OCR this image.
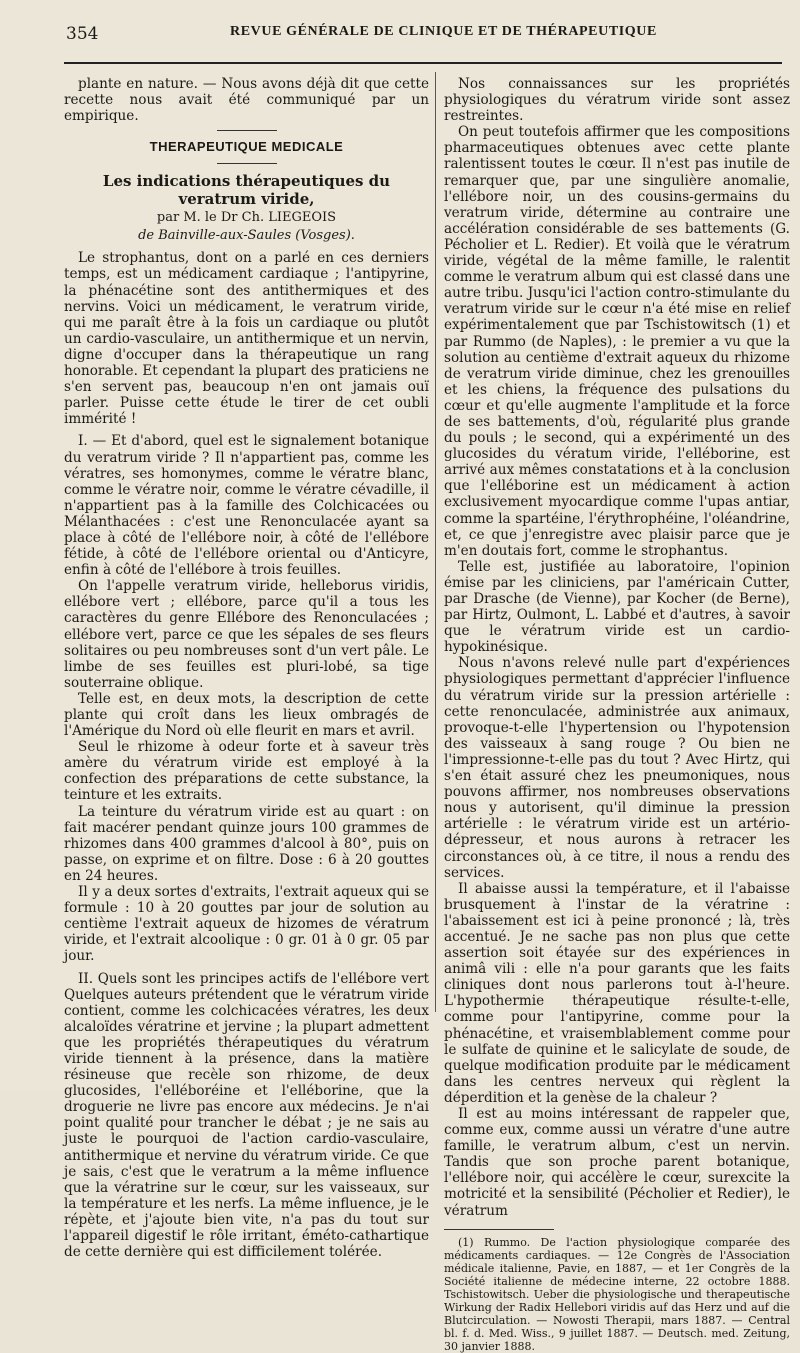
354	REVUE GÉNÉRALE DE CLINIQUE ET DE THÉRAPEUTIQUE

plante en nature. — Nous avons déjà dit que cette recette nous avait été communiqué par un empirique.

THERAPEUTIQUE MEDICALE
Les indications thérapeutiques du veratrum viride,
par M. le Dr Ch. LIEGEOIS
de Bainville-aux-Saules (Vosges).

Le strophantus, dont on a parlé en ces derniers temps, est un médicament cardiaque ; l'antipyrine, la phénacétine sont des antithermiques et des nervins. Voici un médicament, le veratrum viride, qui me paraît être à la fois un cardiaque ou plutôt un cardio-vasculaire, un antithermique et un nervin, digne d'occuper dans la thérapeutique un rang honorable. Et cependant la plupart des praticiens ne s'en servent pas, beaucoup n'en ont jamais ouï parler. Puisse cette étude le tirer de cet oubli immérité !

I. — Et d'abord, quel est le signalement botanique du veratrum viride ? Il n'appartient pas, comme les vératres, ses homonymes, comme le vératre blanc, comme le vératre noir, comme le vératre cévadille, il n'appartient pas à la famille des Colchicacées ou Mélanthacées : c'est une Renonculacée ayant sa place à côté de l'ellébore noir, à côté de l'ellébore fétide, à côté de l'ellébore oriental ou d'Anticyre, enfin à côté de l'ellébore à trois feuilles.

On l'appelle veratrum viride, helleborus viridis, ellébore vert ; ellébore, parce qu'il a tous les caractères du genre Ellébore des Renonculacées ; ellébore vert, parce ce que les sépales de ses fleurs solitaires ou peu nombreuses sont d'un vert pâle. Le limbe de ses feuilles est pluri-lobé, sa tige souterraine oblique.

Telle est, en deux mots, la description de cette plante qui croît dans les lieux ombragés de l'Amérique du Nord où elle fleurit en mars et avril.

Seul le rhizome à odeur forte et à saveur très amère du vératrum viride est employé à la confection des préparations de cette substance, la teinture et les extraits.

La teinture du vératrum viride est au quart : on fait macérer pendant quinze jours 100 grammes de rhizomes dans 400 grammes d'alcool à 80°, puis on passe, on exprime et on filtre. Dose : 6 à 20 gouttes en 24 heures.

Il y a deux sortes d'extraits, l'extrait aqueux qui se formule : 10 à 20 gouttes par jour de solution au centième l'extrait aqueux de hizomes de vératrum viride, et l'extrait alcoolique : 0 gr. 01 à 0 gr. 05 par jour.

II. Quels sont les principes actifs de l'ellébore vert Quelques auteurs prétendent que le vératrum viride contient, comme les colchicacées vératres, les deux alcaloïdes vératrine et jervine ; la plupart admettent que les propriétés thérapeutiques du vératrum viride tiennent à la présence, dans la matière résineuse que recèle son rhizome, de deux glucosides, l'elléboréine et l'elléborine, que la droguerie ne livre pas encore aux médecins. Je n'ai point qualité pour trancher le débat ; je ne sais au juste le pourquoi de l'action cardio-vasculaire, antithermique et nervine du vératrum viride. Ce que je sais, c'est que le veratrum a la même influence que la vératrine sur le cœur, sur les vaisseaux, sur la température et les nerfs. La même influence, je le répète, et j'ajoute bien vite, n'a pas du tout sur l'appareil digestif le rôle irritant, éméto-cathartique de cette dernière qui est difficilement tolérée.

Nos connaissances sur les propriétés physiologiques du vératrum viride sont assez restreintes.

On peut toutefois affirmer que les compositions pharmaceutiques obtenues avec cette plante ralentissent toutes le cœur. Il n'est pas inutile de remarquer que, par une singulière anomalie, l'ellébore noir, un des cousins-germains du veratrum viride, détermine au contraire une accélération considérable de ses battements (G. Pécholier et L. Redier). Et voilà que le vératrum viride, végétal de la même famille, le ralentit comme le veratrum album qui est classé dans une autre tribu. Jusqu'ici l'action contro-stimulante du veratrum viride sur le cœur n'a été mise en relief expérimentalement que par Tschistowitsch (1) et par Rummo (de Naples), : le premier a vu que la solution au centième d'extrait aqueux du rhizome de veratrum viride diminue, chez les grenouilles et les chiens, la fréquence des pulsations du cœur et qu'elle augmente l'amplitude et la force de ses battements, d'où, régularité plus grande du pouls ; le second, qui a expérimenté un des glucosides du vératum viride, l'elléborine, est arrivé aux mêmes constatations et à la conclusion que l'elléborine est un médicament à action exclusivement myocardique comme l'upas antiar, comme la spartéine, l'érythrophéine, l'oléandrine, et, ce que j'enregistre avec plaisir parce que je m'en doutais fort, comme le strophantus.

Telle est, justifiée au laboratoire, l'opinion émise par les cliniciens, par l'américain Cutter, par Drasche (de Vienne), par Kocher (de Berne), par Hirtz, Oulmont, L. Labbé et d'autres, à savoir que le vératrum viride est un cardio-hypokinésique.

Nous n'avons relevé nulle part d'expériences physiologiques permettant d'apprécier l'influence du vératrum viride sur la pression artérielle : cette renonculacée, administrée aux animaux, provoque-t-elle l'hypertension ou l'hypotension des vaisseaux à sang rouge ? Ou bien ne l'impressionne-t-elle pas du tout ? Avec Hirtz, qui s'en était assuré chez les pneumoniques, nous pouvons affirmer, nos nombreuses observations nous y autorisent, qu'il diminue la pression artérielle : le vératrum viride est un artério-dépresseur, et nous aurons à retracer les circonstances où, à ce titre, il nous a rendu des services.

Il abaisse aussi la température, et il l'abaisse brusquement à l'instar de la vératrine : l'abaissement est ici à peine prononcé ; là, très accentué. Je ne sache pas non plus que cette assertion soit étayée sur des expériences in animâ vili : elle n'a pour garants que les faits cliniques dont nous parlerons tout à-l'heure. L'hypothermie thérapeutique résulte-t-elle, comme pour l'antipyrine, comme pour la phénacétine, et vraisemblablement comme pour le sulfate de quinine et le salicylate de soude, de quelque modification produite par le médicament dans les centres nerveux qui règlent la déperdition et la genèse de la chaleur ?

Il est au moins intéressant de rappeler que, comme eux, comme aussi un vératre d'une autre famille, le veratrum album, c'est un nervin. Tandis que son proche parent botanique, l'ellébore noir, qui accélère le cœur, surexcite la motricité et la sensibilité (Pécholier et Redier), le vératrum

(1) Rummo. De l'action physiologique comparée des médicaments cardiaques. — 12e Congrès de l'Association médicale italienne, Pavie, en 1887, — et 1er Congrès de la Société italienne de médecine interne, 22 octobre 1888. Tschistowitsch. Ueber die physiologische und therapeutische Wirkung der Radix Hellebori viridis auf das Herz und auf die Blutcirculation. — Nowosti Therapii, mars 1887. — Central bl. f. d. Med. Wiss., 9 juillet 1887. — Deutsch. med. Zeitung, 30 janvier 1888.
